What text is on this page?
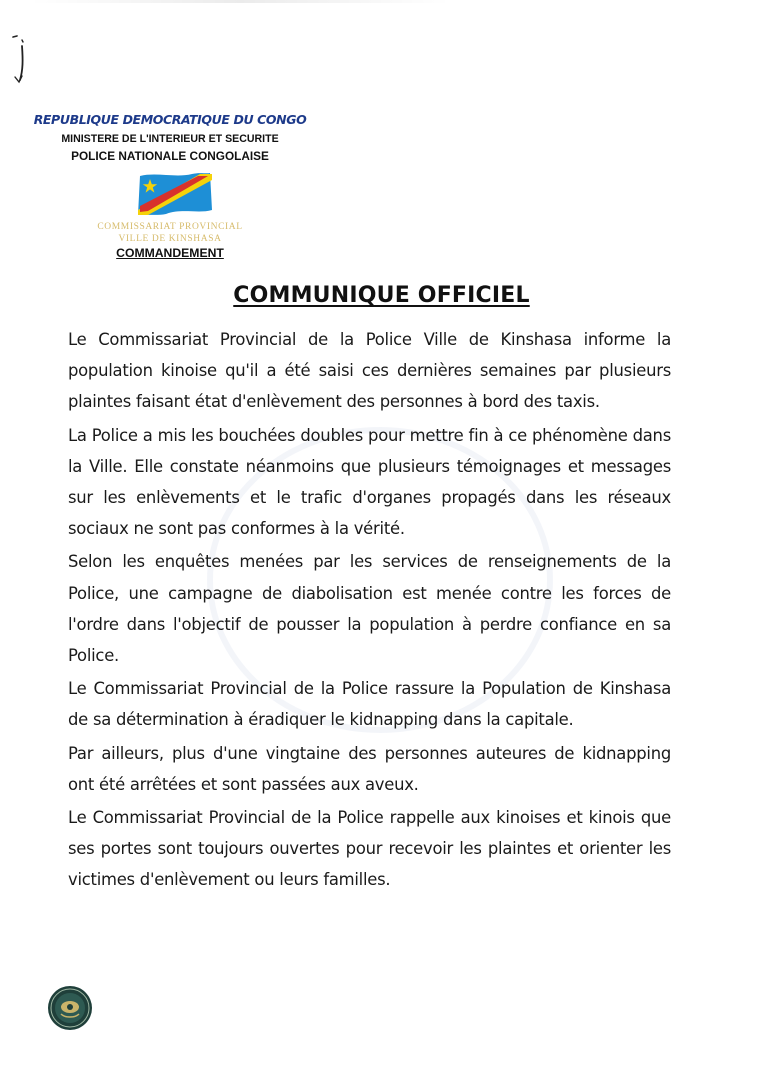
REPUBLIQUE DEMOCRATIQUE DU CONGO
MINISTERE DE L'INTERIEUR ET SECURITE
POLICE NATIONALE CONGOLAISE
COMMISSARIAT PROVINCIAL
VILLE DE KINSHASA
COMMANDEMENT
COMMUNIQUE OFFICIEL

Le Commissariat Provincial de la Police Ville de Kinshasa informe la population kinoise qu'il a été saisi ces dernières semaines par plusieurs plaintes faisant état d'enlèvement des personnes à bord des taxis.

La Police a mis les bouchées doubles pour mettre fin à ce phénomène dans la Ville. Elle constate néanmoins que plusieurs témoignages et messages sur les enlèvements et le trafic d'organes propagés dans les réseaux sociaux ne sont pas conformes à la vérité.

Selon les enquêtes menées par les services de renseignements de la Police, une campagne de diabolisation est menée contre les forces de l'ordre dans l'objectif de pousser la population à perdre confiance en sa Police.

Le Commissariat Provincial de la Police rassure la Population de Kinshasa de sa détermination à éradiquer le kidnapping dans la capitale.

Par ailleurs, plus d'une vingtaine des personnes auteures de kidnapping ont été arrêtées et sont passées aux aveux.

Le Commissariat Provincial de la Police rappelle aux kinoises et kinois que ses portes sont toujours ouvertes pour recevoir les plaintes et orienter les victimes d'enlèvement ou leurs familles.
